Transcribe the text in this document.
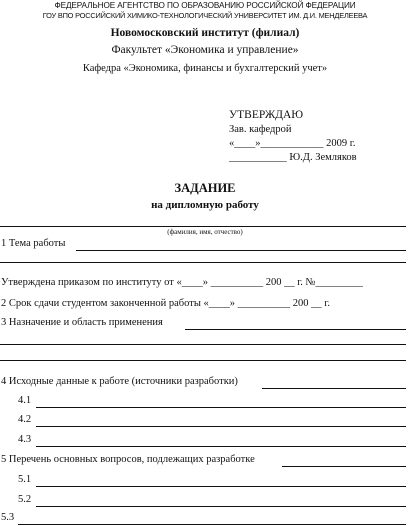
ФЕДЕРАЛЬНОЕ АГЕНТСТВО ПО ОБРАЗОВАНИЮ РОССИЙСКОЙ ФЕДЕРАЦИИ
ГОУ ВПО РОССИЙСКИЙ ХИМИКО-ТЕХНОЛОГИЧЕСКИЙ УНИВЕРСИТЕТ ИМ. Д.И. МЕНДЕЛЕЕВА
Новомосковский институт (филиал)
Факультет «Экономика и управление»
Кафедра «Экономика, финансы и бухгалтерский учет»
УТВЕРЖДАЮ
Зав. кафедрой
«____»____________ 2009 г.
___________ Ю.Д. Земляков
ЗАДАНИЕ
на дипломную работу
(фамилия, имя, отчество)
1 Тема работы
Утверждена приказом по институту от «____» __________ 200 __ г. №_________
2 Срок сдачи студентом законченной работы «____» __________ 200 __ г.
3 Назначение и область применения
4 Исходные данные к работе (источники разработки)
4.1
4.2
4.3
5 Перечень основных вопросов, подлежащих разработке
5.1
5.2
5.3
